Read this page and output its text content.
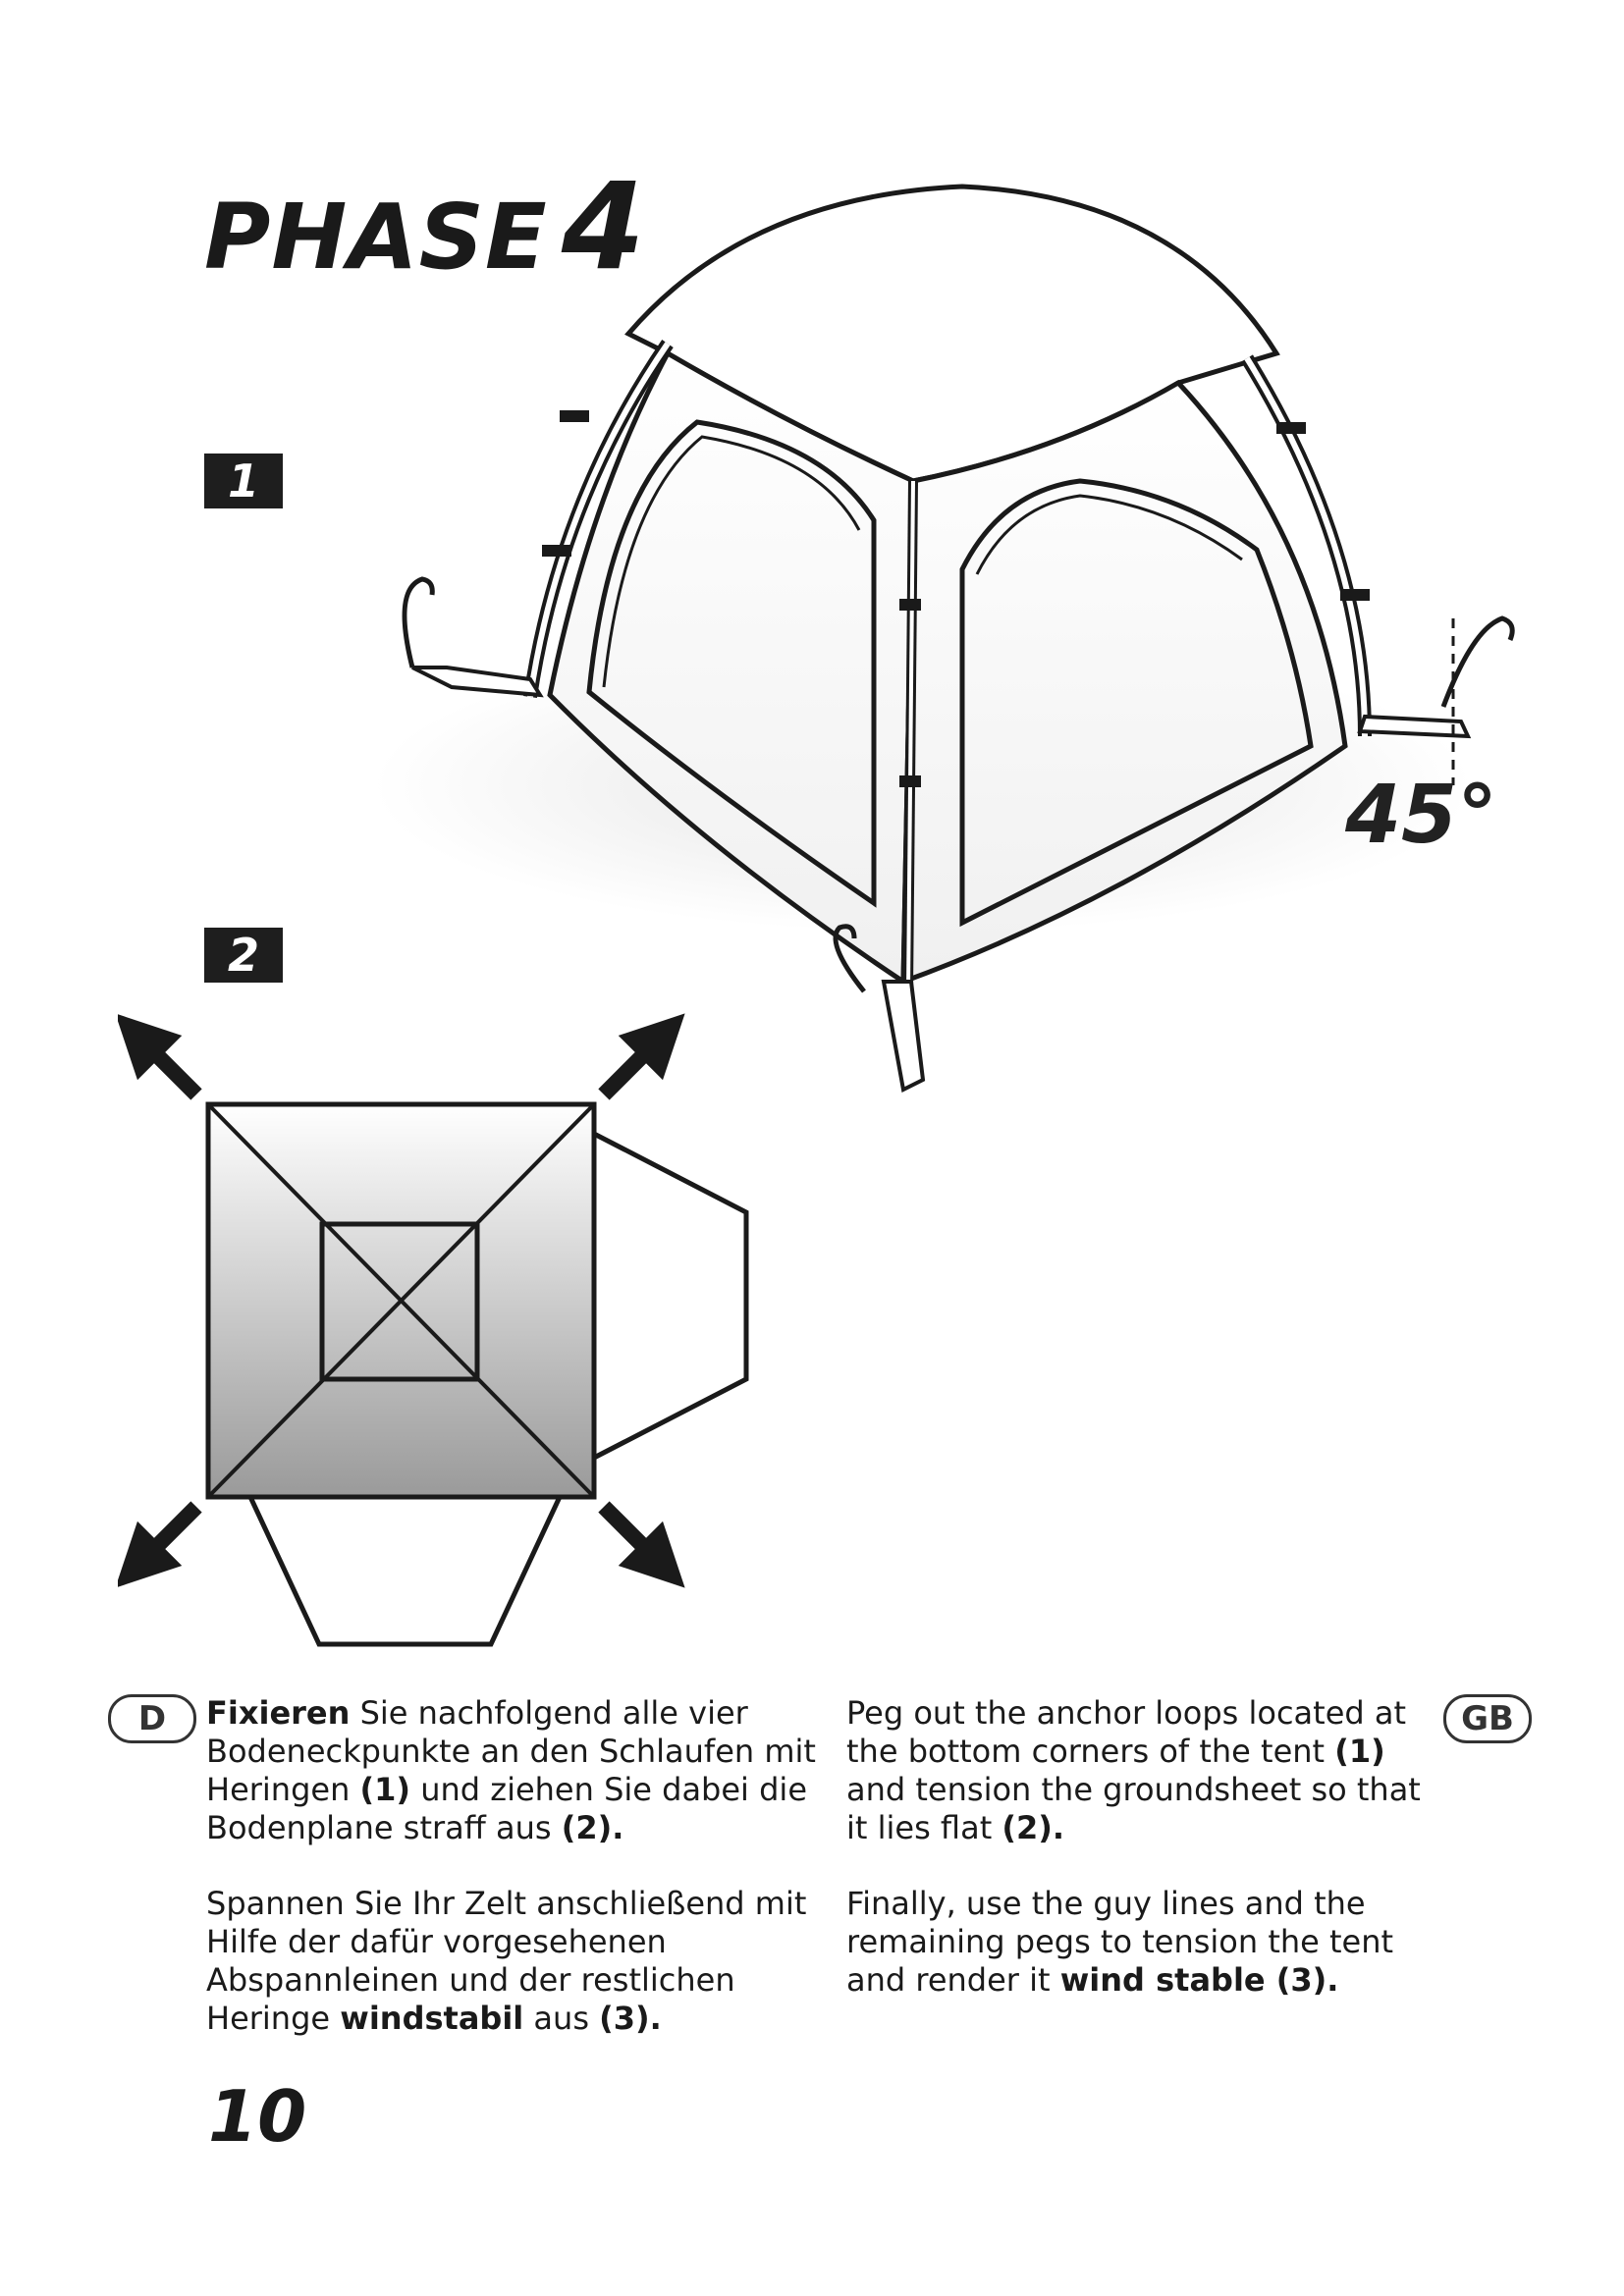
PHASE 4
1
2
45°
D	GB

Fixieren Sie nachfolgend alle vier Bodeneckpunkte an den Schlaufen mit Heringen (1) und ziehen Sie dabei die Bodenplane straff aus (2).

Spannen Sie Ihr Zelt anschließend mit Hilfe der dafür vorgesehenen Abspannleinen und der restlichen Heringe windstabil aus (3).

Peg out the anchor loops located at the bottom corners of the tent (1) and tension the groundsheet so that it lies flat (2).

Finally, use the guy lines and the remaining pegs to tension the tent and render it wind stable (3).

10
